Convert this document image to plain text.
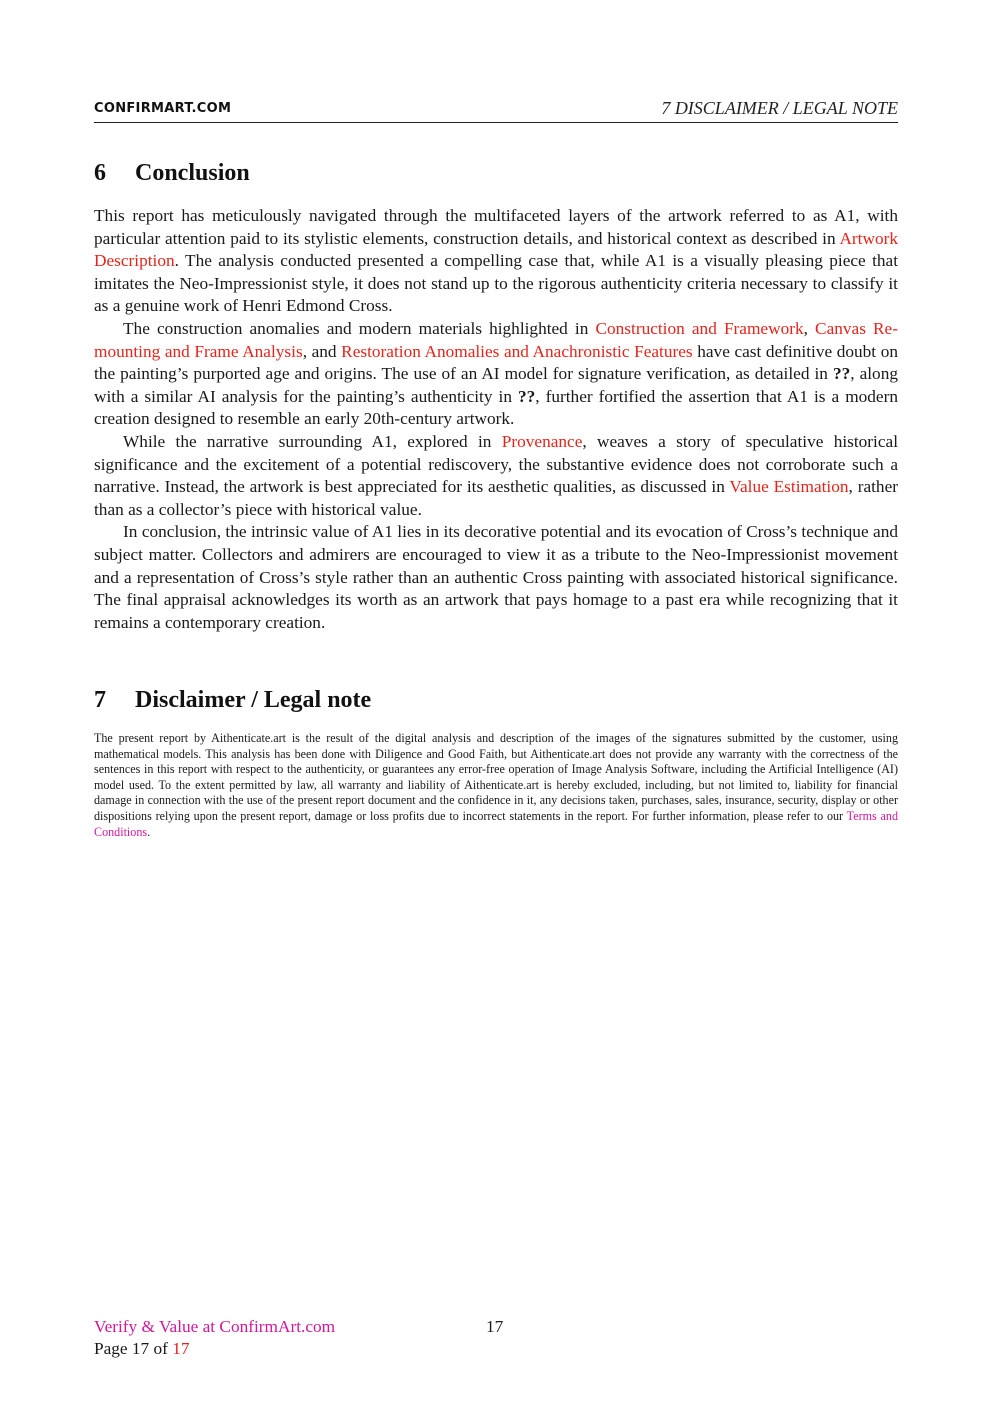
CONFIRMART.COM	7 DISCLAIMER / LEGAL NOTE
6 Conclusion

This report has meticulously navigated through the multifaceted layers of the artwork referred to as A1, with particular attention paid to its stylistic elements, construction details, and historical context as described in Artwork Description. The analysis conducted presented a compelling case that, while A1 is a visually pleasing piece that imitates the Neo-Impressionist style, it does not stand up to the rigorous authenticity criteria necessary to classify it as a genuine work of Henri Edmond Cross.

The construction anomalies and modern materials highlighted in Construction and Framework, Canvas Re-mounting and Frame Analysis, and Restoration Anomalies and Anachronistic Features have cast definitive doubt on the painting’s purported age and origins. The use of an AI model for signature verification, as detailed in ??, along with a similar AI analysis for the painting’s authenticity in ??, further fortified the assertion that A1 is a modern creation designed to resemble an early 20th-century artwork.

While the narrative surrounding A1, explored in Provenance, weaves a story of speculative historical significance and the excitement of a potential rediscovery, the substantive evidence does not corroborate such a narrative. Instead, the artwork is best appreciated for its aesthetic qualities, as discussed in Value Estimation, rather than as a collector’s piece with historical value.

In conclusion, the intrinsic value of A1 lies in its decorative potential and its evocation of Cross’s technique and subject matter. Collectors and admirers are encouraged to view it as a tribute to the Neo-Impressionist movement and a representation of Cross’s style rather than an authentic Cross painting with associated historical significance. The final appraisal acknowledges its worth as an artwork that pays homage to a past era while recognizing that it remains a contemporary creation.

7 Disclaimer / Legal note
The present report by Aithenticate.art is the result of the digital analysis and description of the images of the signatures submitted by the customer, using mathematical models. This analysis has been done with Diligence and Good Faith, but Aithenticate.art does not provide any warranty with the correctness of the sentences in this report with respect to the authenticity, or guarantees any error-free operation of Image Analysis Software, including the Artificial Intelligence (AI) model used. To the extent permitted by law, all warranty and liability of Aithenticate.art is hereby excluded, including, but not limited to, liability for financial damage in connection with the use of the present report document and the confidence in it, any decisions taken, purchases, sales, insurance, security, display or other dispositions relying upon the present report, damage or loss profits due to incorrect statements in the report. For further information, please refer to our Terms and Conditions.
Verify & Value at ConfirmArt.com	17
Page 17 of 17
